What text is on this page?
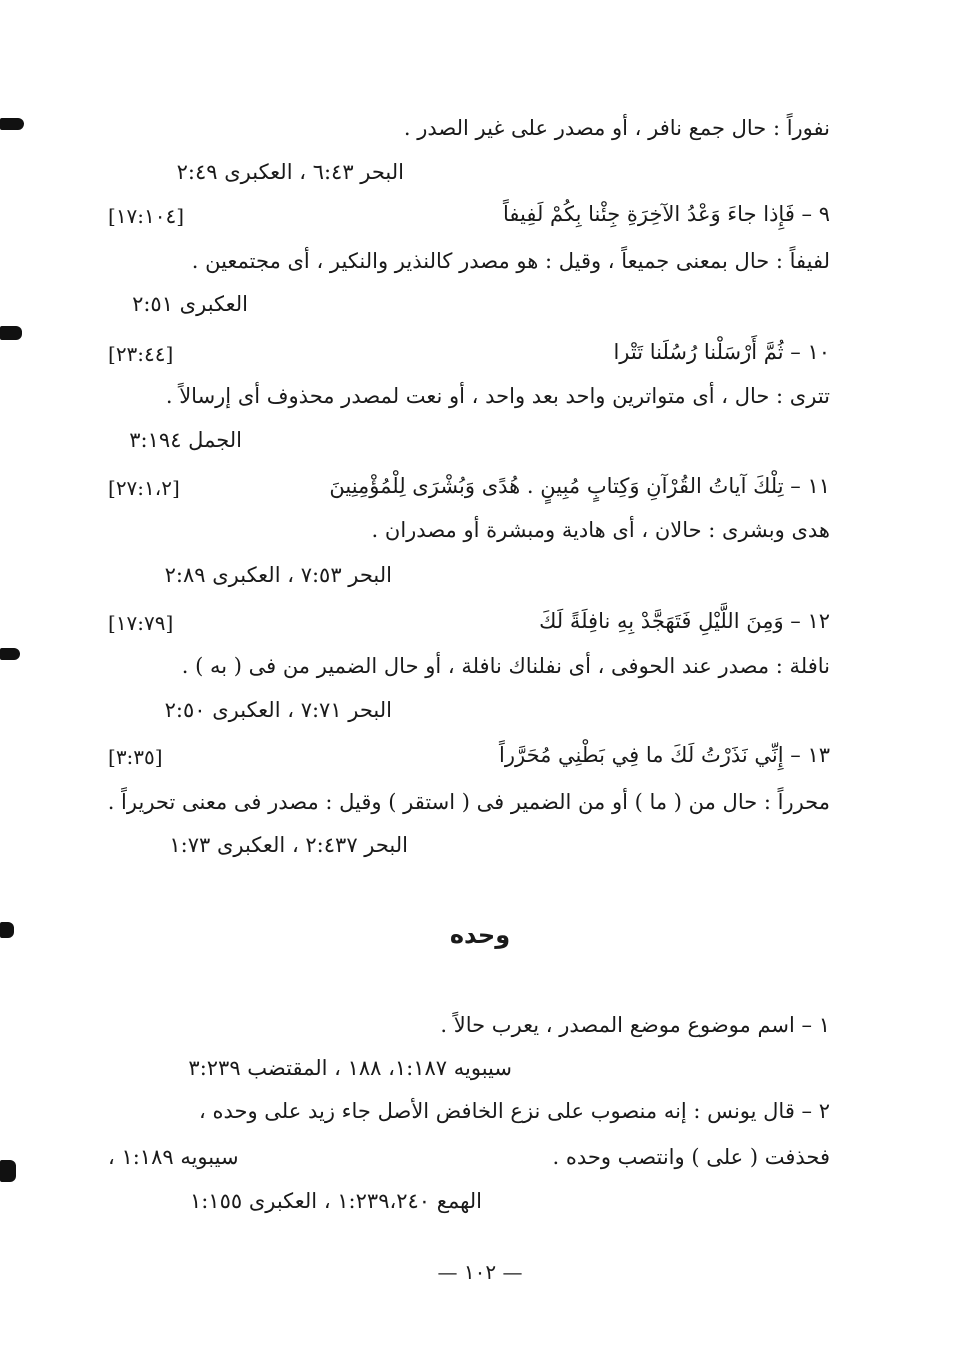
نفوراً : حال جمع نافر ، أو مصدر على غير الصدر .
البحر ٦:٤٣ ، العكبرى ٢:٤٩
٩ – فَإِذا جاءَ وَعْدُ الآخِرَةِ جِئْنا بِكُمْ لَفِيفاً
[١٧:١٠٤]
لفيفاً : حال بمعنى جميعاً ، وقيل : هو مصدر كالنذير والنكير ، أى مجتمعين .
العكبرى ٢:٥١
١٠ – ثُمَّ أَرْسَلْنا رُسُلَنا تَتْرا
[٢٣:٤٤]
تترى : حال ، أى متواترين واحد بعد واحد ، أو نعت لمصدر محذوف أى إرسالاً .
الجمل ٣:١٩٤
١١ – تِلْكَ آياتُ القُرْآنِ وَكِتابٍ مُبِينٍ . هُدًى وَبُشْرَى لِلْمُؤْمِنِينَ
[٢٧:١،٢]
هدى وبشرى : حالان ، أى هادية ومبشرة أو مصدران .
البحر ٧:٥٣ ، العكبرى ٢:٨٩
١٢ – وَمِنَ اللَّيْلِ فَتَهَجَّدْ بِهِ نافِلَةً لَكَ
[١٧:٧٩]
نافلة : مصدر عند الحوفى ، أى نفلناك نافلة ، أو حال الضمير من فى ( به ) .
البحر ٧:٧١ ، العكبرى ٢:٥٠
١٣ – إِنِّي نَذَرْتُ لَكَ ما فِي بَطْنِي مُحَرَّراً
[٣:٣٥]
محرراً : حال من ( ما ) أو من الضمير فى ( استقر ) وقيل : مصدر فى معنى تحريراً .
البحر ٢:٤٣٧ ، العكبرى ١:٧٣
وحده
١ – اسم موضوع موضع المصدر ، يعرب حالاً .
سيبويه ١:١٨٧، ١٨٨ ، المقتضب ٣:٢٣٩
٢ – قال يونس : إنه منصوب على نزع الخافض الأصل جاء زيد على وحده ،
فحذفت ( على ) وانتصب وحده .
سيبويه ١:١٨٩ ،
الهمع ١:٢٣٩،٢٤٠ ، العكبرى ١:١٥٥
— ١٠٢ —
